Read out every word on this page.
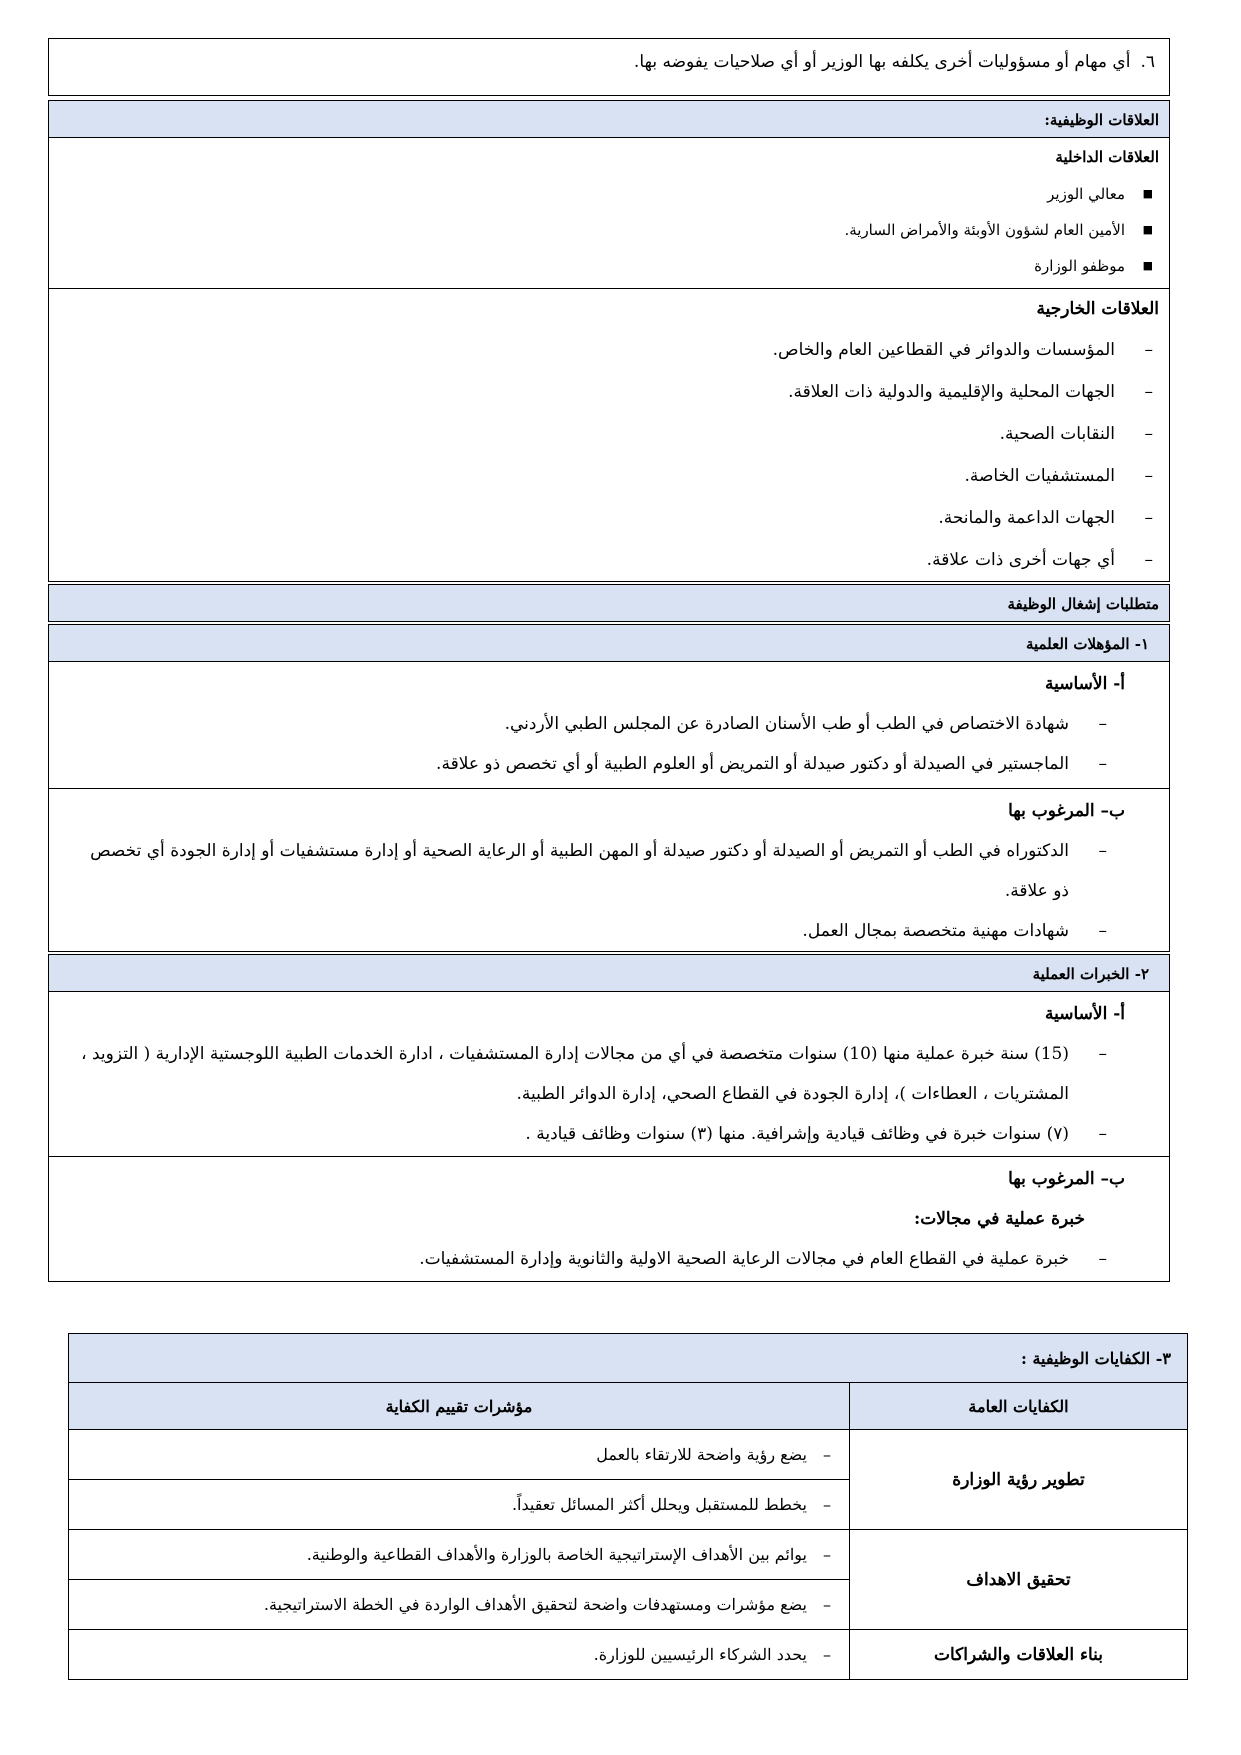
٦.أي مهام أو مسؤوليات أخرى يكلفه بها الوزير أو أي صلاحيات يفوضه بها.
العلاقات الوظيفية:
العلاقات الداخلية
■
معالي الوزير
■
الأمين العام لشؤون الأوبئة والأمراض السارية.
■
موظفو الوزارة
العلاقات الخارجية
–
المؤسسات والدوائر في القطاعين العام والخاص.
–
الجهات المحلية والإقليمية والدولية ذات العلاقة.
–
النقابات الصحية.
–
المستشفيات الخاصة.
–
الجهات الداعمة والمانحة.
–
أي جهات أخرى ذات علاقة.
متطلبات إشغال الوظيفة
١- المؤهلات العلمية
أ- الأساسية
–
شهادة الاختصاص في الطب أو طب الأسنان الصادرة عن المجلس الطبي الأردني.
–
الماجستير في الصيدلة أو دكتور صيدلة أو التمريض أو العلوم الطبية أو أي تخصص ذو علاقة.
ب– المرغوب بها
–
الدكتوراه في الطب أو التمريض أو الصيدلة أو دكتور صيدلة أو المهن الطبية أو الرعاية الصحية أو إدارة مستشفيات أو إدارة الجودة أي تخصص ذو علاقة.
–
شهادات مهنية متخصصة بمجال العمل.
٢- الخبرات العملية
أ- الأساسية
–
(15) سنة خبرة عملية منها (10) سنوات متخصصة في أي من مجالات إدارة المستشفيات ، ادارة الخدمات الطبية اللوجستية الإدارية ( التزويد ، المشتريات ، العطاءات )، إدارة الجودة في القطاع الصحي، إدارة الدوائر الطبية.
–
(٧) سنوات خبرة في وظائف قيادية وإشرافية. منها (٣) سنوات وظائف قيادية .
ب– المرغوب بها
خبرة عملية في مجالات:
–
خبرة عملية في القطاع العام في مجالات الرعاية الصحية الاولية والثانوية وإدارة المستشفيات.
٣- الكفايات الوظيفية :	
الكفايات العامة	مؤشرات تقييم الكفاية
تطوير رؤية الوزارة	–يضع رؤية واضحة للارتقاء بالعمل
	–يخطط للمستقبل ويحلل أكثر المسائل تعقيداً.
تحقيق الاهداف	–يوائم بين الأهداف الإستراتيجية الخاصة بالوزارة والأهداف القطاعية والوطنية.
	–يضع مؤشرات ومستهدفات واضحة لتحقيق الأهداف الواردة في الخطة الاستراتيجية.
بناء العلاقات والشراكات	–يحدد الشركاء الرئيسيين للوزارة.
